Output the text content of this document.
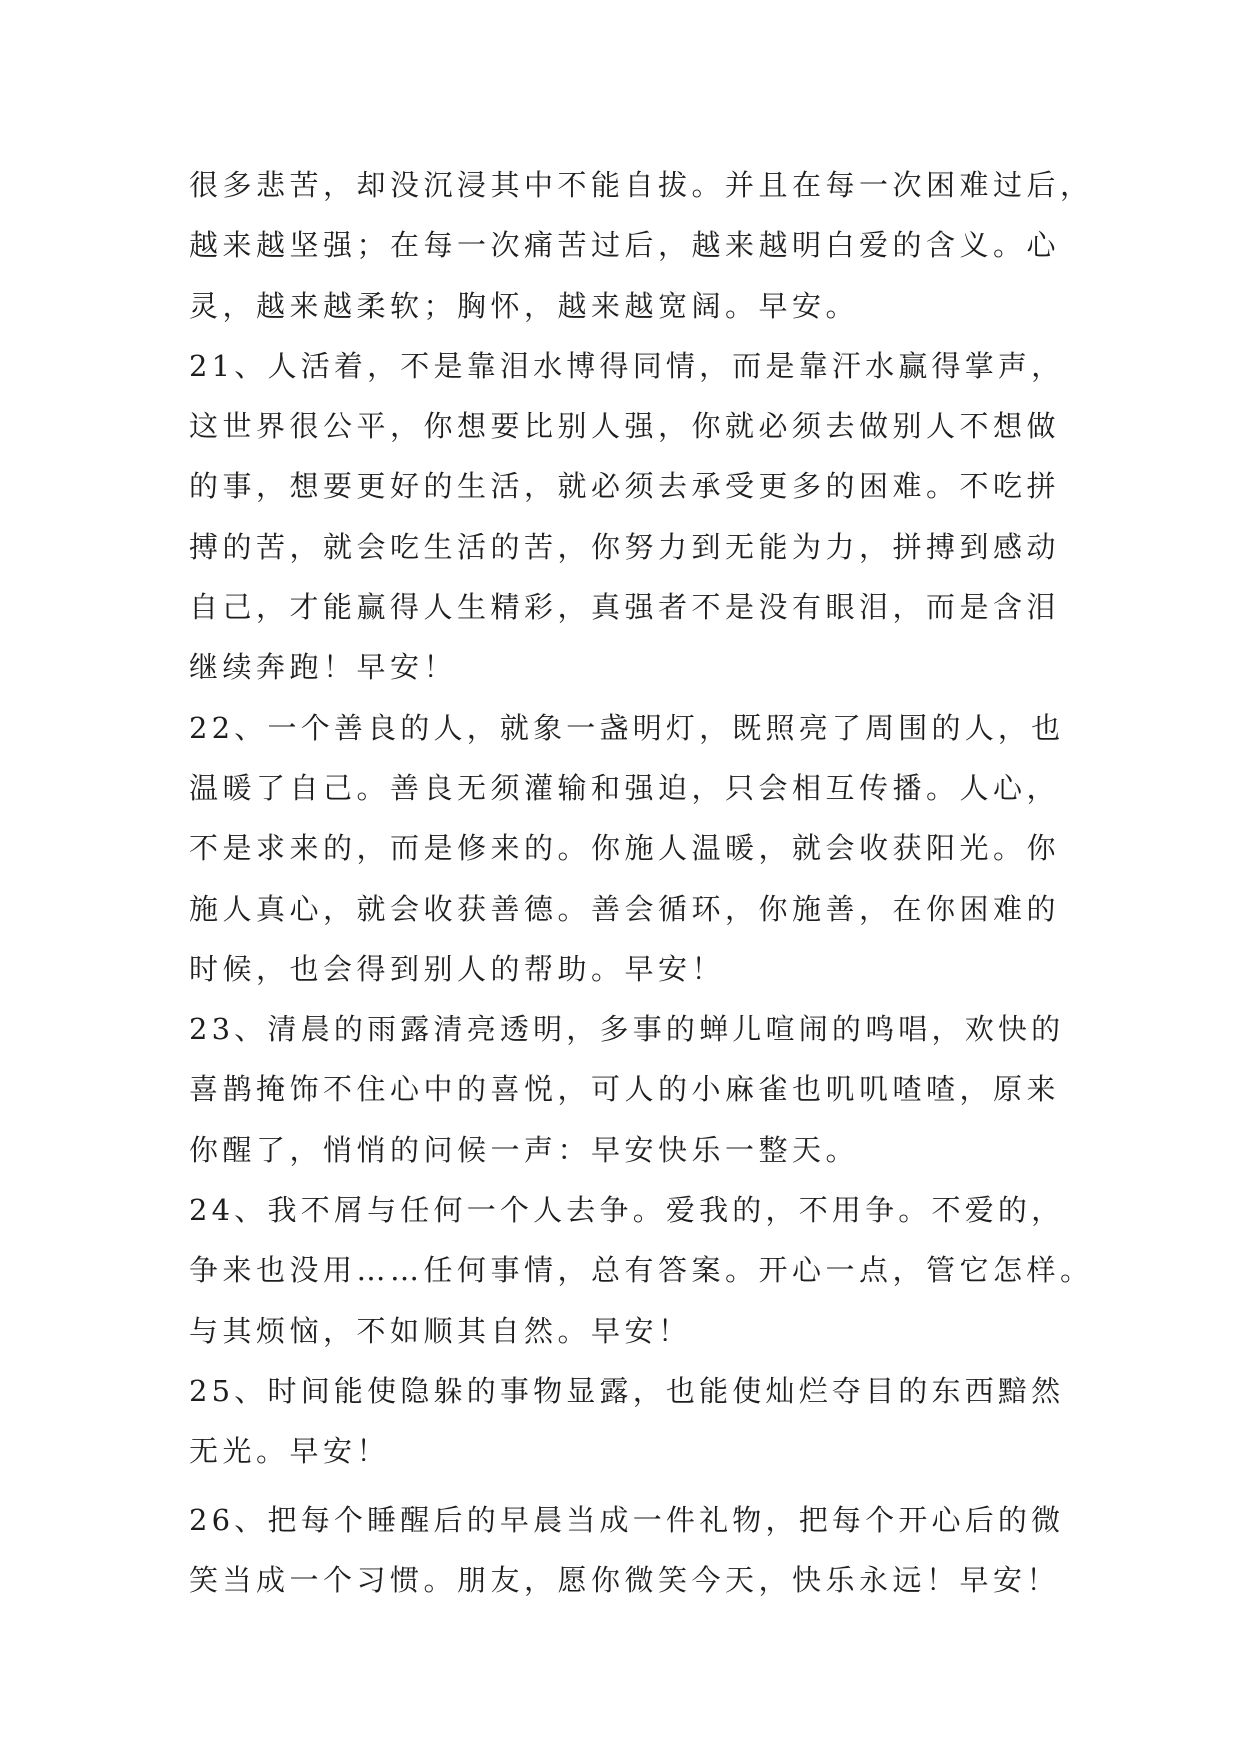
很多悲苦，却没沉浸其中不能自拔。并且在每一次困难过后，
越来越坚强；在每一次痛苦过后，越来越明白爱的含义。心
灵，越来越柔软；胸怀，越来越宽阔。早安。
21、人活着，不是靠泪水博得同情，而是靠汗水赢得掌声，
这世界很公平，你想要比别人强，你就必须去做别人不想做
的事，想要更好的生活，就必须去承受更多的困难。不吃拼
搏的苦，就会吃生活的苦，你努力到无能为力，拼搏到感动
自己，才能赢得人生精彩，真强者不是没有眼泪，而是含泪
继续奔跑！早安！
22、一个善良的人，就象一盏明灯，既照亮了周围的人，也
温暖了自己。善良无须灌输和强迫，只会相互传播。人心，
不是求来的，而是修来的。你施人温暖，就会收获阳光。你
施人真心，就会收获善德。善会循环，你施善，在你困难的
时候，也会得到别人的帮助。早安！
23、清晨的雨露清亮透明，多事的蝉儿喧闹的鸣唱，欢快的
喜鹊掩饰不住心中的喜悦，可人的小麻雀也叽叽喳喳，原来
你醒了，悄悄的问候一声：早安快乐一整天。
24、我不屑与任何一个人去争。爱我的，不用争。不爱的，
争来也没用……任何事情，总有答案。开心一点，管它怎样。
与其烦恼，不如顺其自然。早安！
25、时间能使隐躲的事物显露，也能使灿烂夺目的东西黯然
无光。早安！
26、把每个睡醒后的早晨当成一件礼物，把每个开心后的微
笑当成一个习惯。朋友，愿你微笑今天，快乐永远！早安！
